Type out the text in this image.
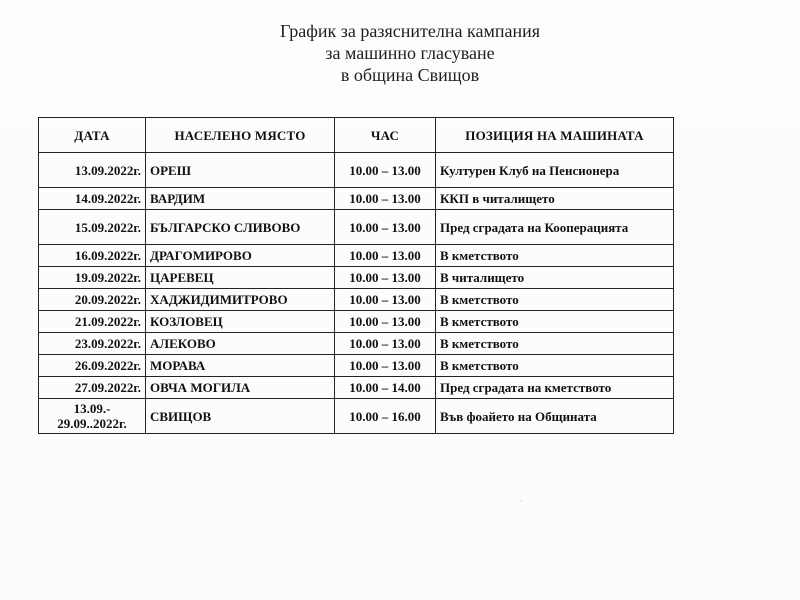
График за разяснителна кампания
за машинно гласуване
в община Свищов
ДАТА	НАСЕЛЕНО МЯСТО	ЧАС	ПОЗИЦИЯ НА МАШИНАТА
13.09.2022г.	ОРЕШ	10.00 – 13.00	Културен Клуб на Пенсионера
14.09.2022г.	ВАРДИМ	10.00 – 13.00	ККП в читалището
15.09.2022г.	БЪЛГАРСКО СЛИВОВО	10.00 – 13.00	Пред сградата на Кооперацията
16.09.2022г.	ДРАГОМИРОВО	10.00 – 13.00	В кметството
19.09.2022г.	ЦАРЕВЕЦ	10.00 – 13.00	В читалището
20.09.2022г.	ХАДЖИДИМИТРОВО	10.00 – 13.00	В кметството
21.09.2022г.	КОЗЛОВЕЦ	10.00 – 13.00	В кметството
23.09.2022г.	АЛЕКОВО	10.00 – 13.00	В кметството
26.09.2022г.	МОРАВА	10.00 – 13.00	В кметството
27.09.2022г.	ОВЧА МОГИЛА	10.00 – 14.00	Пред сградата на кметството
13.09.- 29.09..2022г.	СВИЩОВ	10.00 – 16.00	Във фоайето на Общината
